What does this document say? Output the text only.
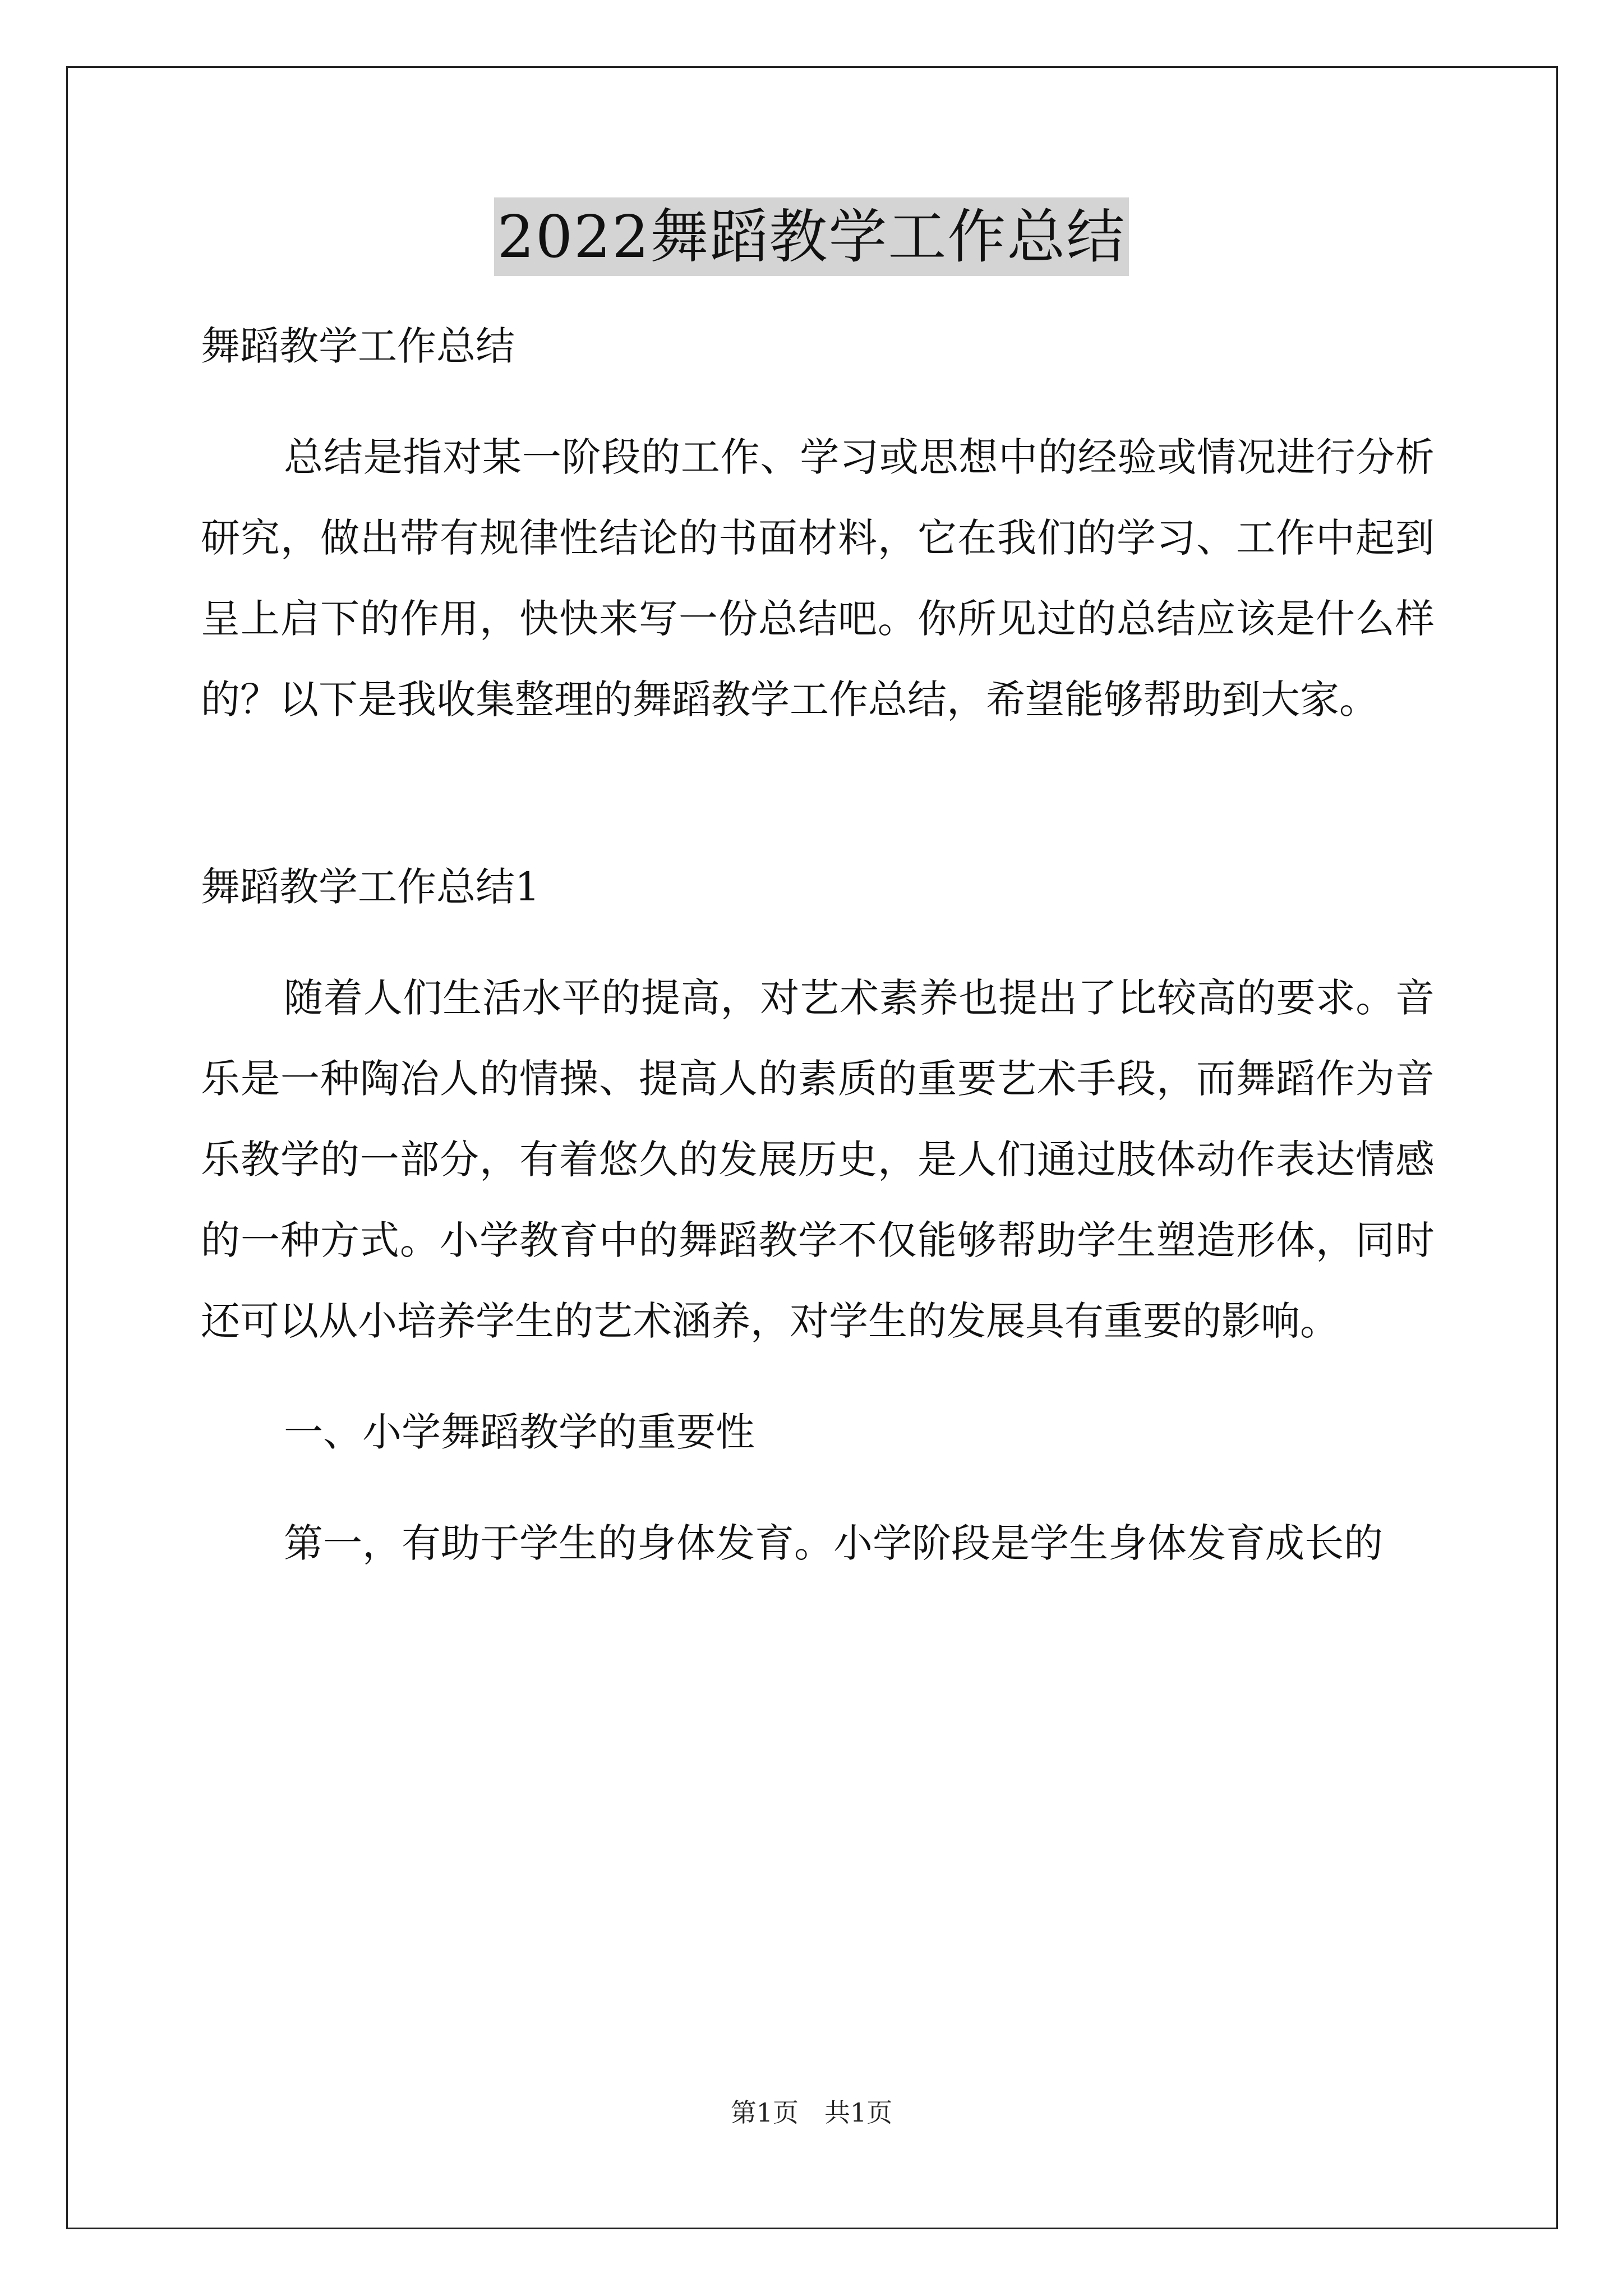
2022舞蹈教学工作总结

舞蹈教学工作总结

总结是指对某一阶段的工作、学习或思想中的经验或情况进行分析研究，做出带有规律性结论的书面材料，它在我们的学习、工作中起到呈上启下的作用，快快来写一份总结吧。你所见过的总结应该是什么样的？以下是我收集整理的舞蹈教学工作总结，希望能够帮助到大家。

舞蹈教学工作总结1

随着人们生活水平的提高，对艺术素养也提出了比较高的要求。音乐是一种陶冶人的情操、提高人的素质的重要艺术手段，而舞蹈作为音乐教学的一部分，有着悠久的发展历史，是人们通过肢体动作表达情感的一种方式。小学教育中的舞蹈教学不仅能够帮助学生塑造形体，同时还可以从小培养学生的艺术涵养，对学生的发展具有重要的影响。

一、小学舞蹈教学的重要性

第一，有助于学生的身体发育。小学阶段是学生身体发育成长的

第1页　共1页
